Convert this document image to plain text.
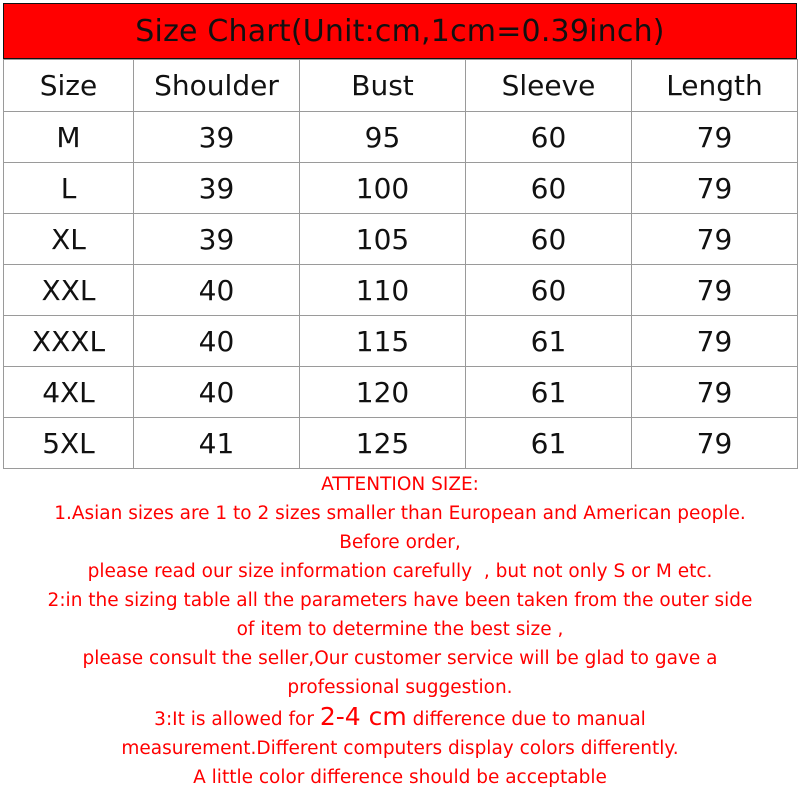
Size Chart(Unit:cm,1cm=0.39inch)
Size	Shoulder	Bust	Sleeve	Length
M	39	95	60	79
L	39	100	60	79
XL	39	105	60	79
XXL	40	110	60	79
XXXL	40	115	61	79
4XL	40	120	61	79
5XL	41	125	61	79
ATTENTION SIZE:
1.Asian sizes are 1 to 2 sizes smaller than European and American people.
Before order,
please read our size information carefully  , but not only S or M etc.
2:in the sizing table all the parameters have been taken from the outer side
of item to determine the best size ,
please consult the seller,Our customer service will be glad to gave a
professional suggestion.
3:It is allowed for 2-4 cm difference due to manual
measurement.Different computers display colors differently.
A little color difference should be acceptable
